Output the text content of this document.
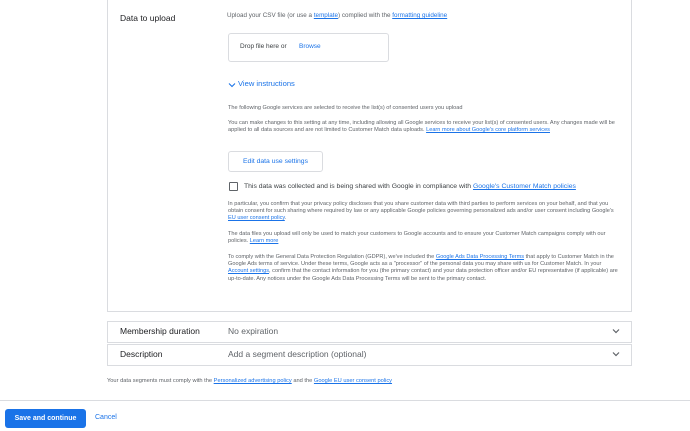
Data to upload	Upload your CSV file (or use a template) complied with the formatting guideline
Drop file here or Browse
View instructions
The following Google services are selected to receive the list(s) of consented users you upload
You can make changes to this setting at any time, including allowing all Google services to receive your list(s) of consented users. Any changes made will be applied to all data sources and are not limited to Customer Match data uploads. Learn more about Google's core platform services
Edit data use settings
This data was collected and is being shared with Google in compliance with Google's Customer Match policies
In particular, you confirm that your privacy policy discloses that you share customer data with third parties to perform services on your behalf, and that you obtain consent for such sharing where required by law or any applicable Google policies governing personalized ads and/or user consent including Google's EU user consent policy.
The data files you upload will only be used to match your customers to Google accounts and to ensure your Customer Match campaigns comply with our policies. Learn more
To comply with the General Data Protection Regulation (GDPR), we've included the Google Ads Data Processing Terms that apply to Customer Match in the Google Ads terms of service. Under these terms, Google acts as a "processor" of the personal data you may share with us for Customer Match. In your Account settings, confirm that the contact information for you (the primary contact) and your data protection officer and/or EU representative (if applicable) are up-to-date. Any notices under the Google Ads Data Processing Terms will be sent to the primary contact.
Membership duration	No expiration
Description	Add a segment description (optional)
Your data segments must comply with the Personalized advertising policy and the Google EU user consent policy
Save and continue	Cancel
